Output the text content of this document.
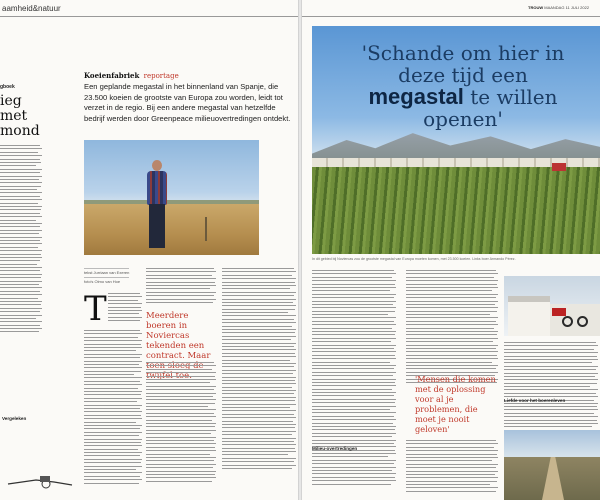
aamheid&natuur
gboek
ieg met mond
Koeienfabriek reportage
Een geplande megastal in het binnenland van Spanje, die 23.500 koeien de grootste van Europa zou worden, leidt tot verzet in de regio. Bij een andere megastal van hetzelfde bedrijf werden door Greenpeace milieuovertredingen ontdekt.
tekst Jurriaan van Exeren
foto's Olmo van Hoe
T	Meerdere boeren in Noviercas tekenden een contract. Maar
Vergeleken
TROUW MAANDAG 11 JULI 2022
'Schande om hier in deze tijd een megastal te willen openen'
In dit gebied bij Noviercas zou de grootste megastal van Europa moeten komen, met 23.500 koeien. Links boer Armando Pérez.
'Mensen die komen met de oplossing voor al je problemen, die moet je nooit geloven'
Milieu-overtredingen
Liefde voor het boerenleven
